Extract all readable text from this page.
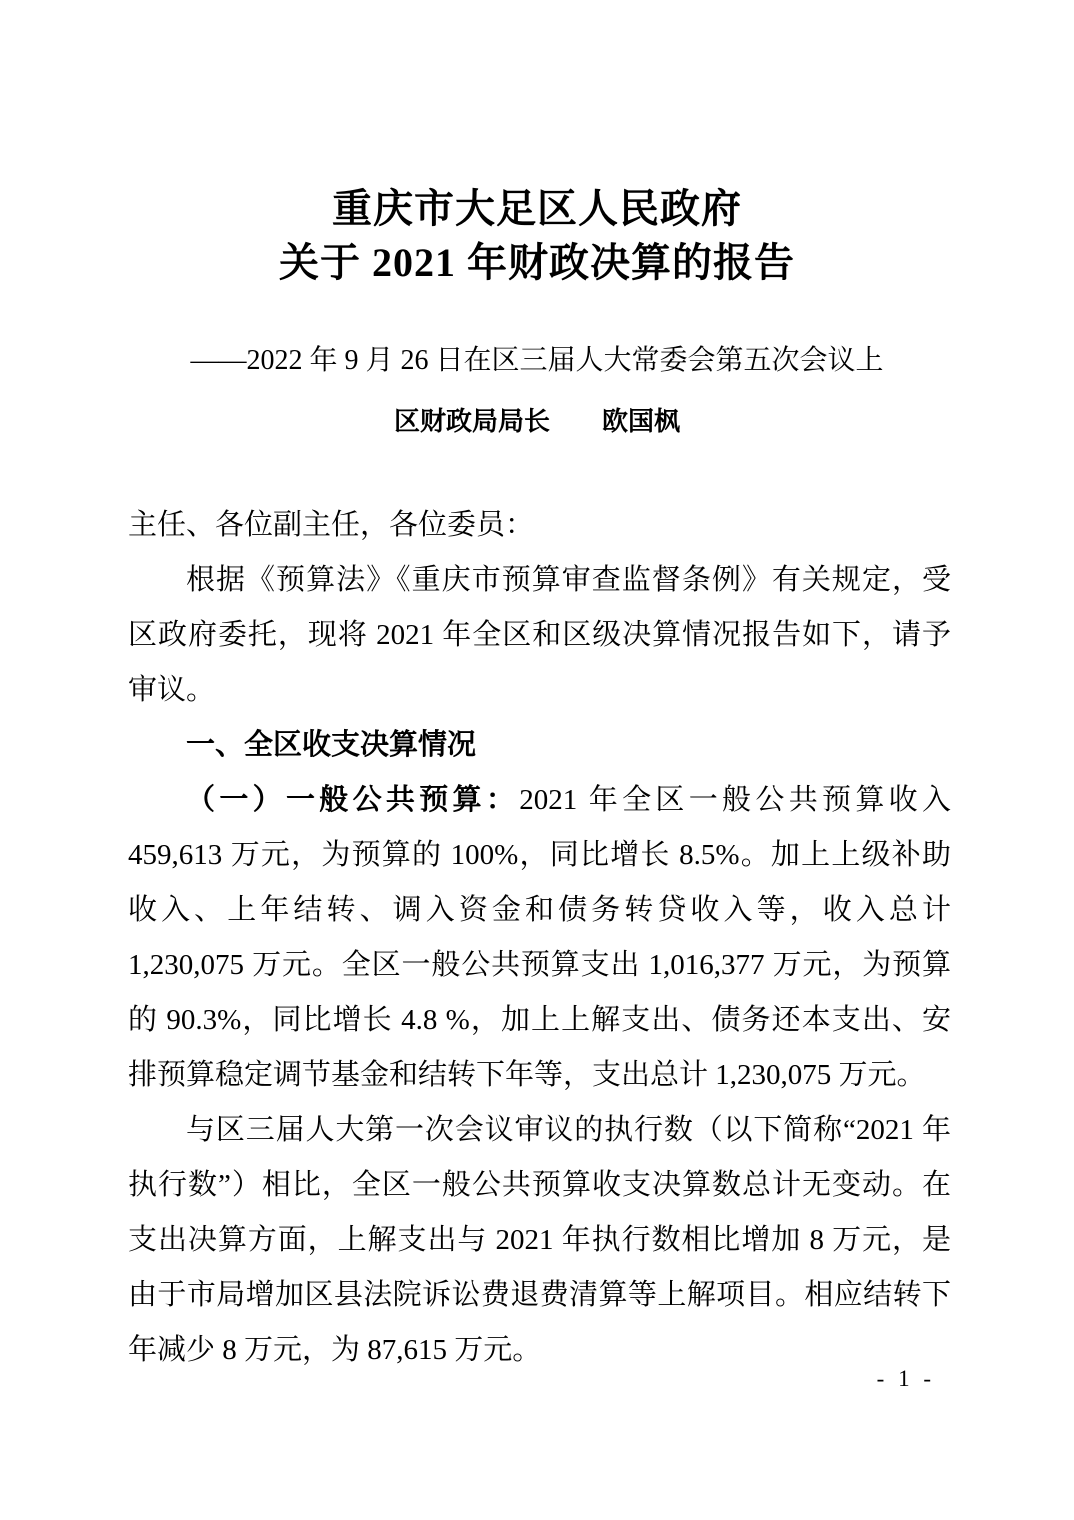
重庆市大足区人民政府
关于 2021 年财政决算的报告

——2022 年 9 月 26 日在区三届人大常委会第五次会议上

区财政局局长 欧国枫

主任、各位副主任，各位委员：

根据《预算法》《重庆市预算审查监督条例》有关规定，受区政府委托，现将 2021 年全区和区级决算情况报告如下，请予审议。

一、全区收支决算情况

（一）一般公共预算：2021 年全区一般公共预算收入 459,613 万元，为预算的 100%，同比增长 8.5%。加上上级补助收入、上年结转、调入资金和债务转贷收入等，收入总计 1,230,075 万元。全区一般公共预算支出 1,016,377 万元，为预算的 90.3%，同比增长 4.8 %，加上上解支出、债务还本支出、安排预算稳定调节基金和结转下年等，支出总计 1,230,075 万元。

与区三届人大第一次会议审议的执行数（以下简称“2021 年执行数”）相比，全区一般公共预算收支决算数总计无变动。在支出决算方面，上解支出与 2021 年执行数相比增加 8 万元，是由于市局增加区县法院诉讼费退费清算等上解项目。相应结转下年减少 8 万元，为 87,615 万元。

- 1 -
